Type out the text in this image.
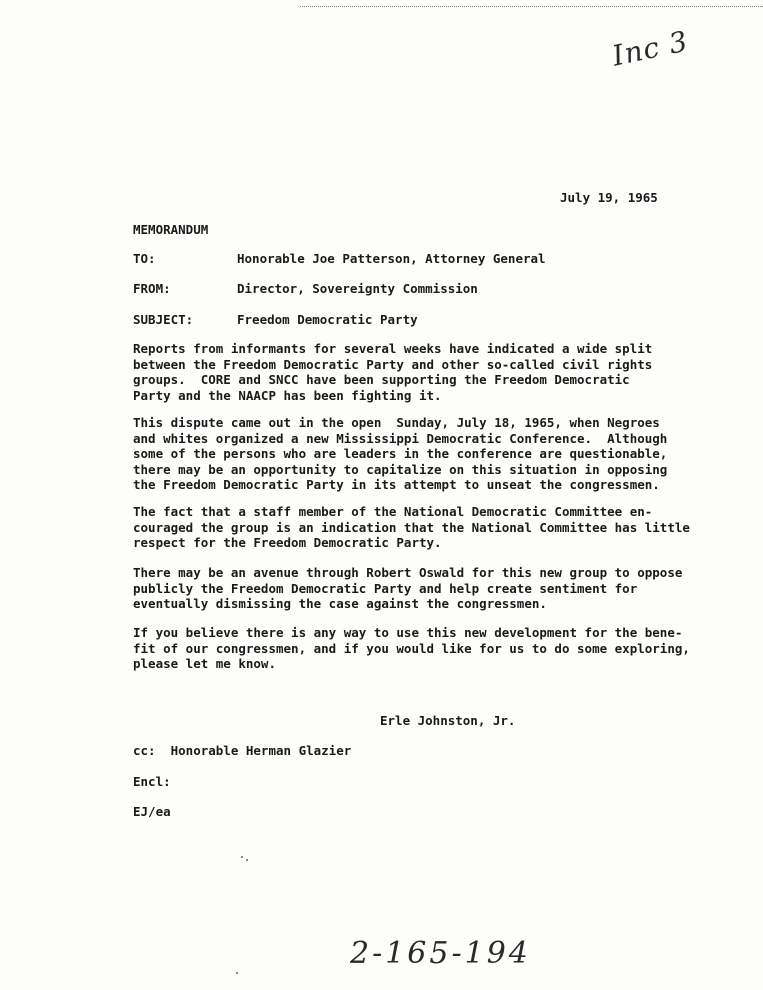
Inc 3
July 19, 1965
MEMORANDUM
TO:	Honorable Joe Patterson, Attorney General
FROM:	Director, Sovereignty Commission
SUBJECT:	Freedom Democratic Party
Reports from informants for several weeks have indicated a wide split
between the Freedom Democratic Party and other so-called civil rights
groups.  CORE and SNCC have been supporting the Freedom Democratic
Party and the NAACP has been fighting it.
This dispute came out in the open  Sunday, July 18, 1965, when Negroes
and whites organized a new Mississippi Democratic Conference.  Although
some of the persons who are leaders in the conference are questionable,
there may be an opportunity to capitalize on this situation in opposing
the Freedom Democratic Party in its attempt to unseat the congressmen.
The fact that a staff member of the National Democratic Committee en-
couraged the group is an indication that the National Committee has little
respect for the Freedom Democratic Party.
There may be an avenue through Robert Oswald for this new group to oppose
publicly the Freedom Democratic Party and help create sentiment for
eventually dismissing the case against the congressmen.
If you believe there is any way to use this new development for the bene-
fit of our congressmen, and if you would like for us to do some exploring,
please let me know.
Erle Johnston, Jr.
cc:  Honorable Herman Glazier
Encl:
EJ/ea
2-165-194
